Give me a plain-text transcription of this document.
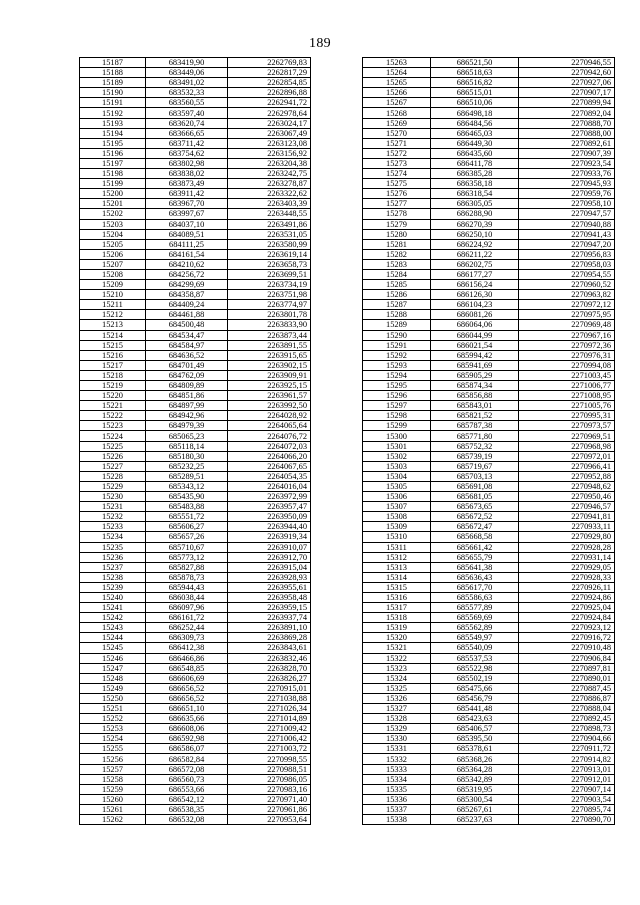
189
15187	683419,90	2262769,83
15188	683449,06	2262817,29
15189	683491,02	2262854,85
15190	683532,33	2262896,88
15191	683560,55	2262941,72
15192	683597,40	2262978,64
15193	683620,74	2263024,17
15194	683666,65	2263067,49
15195	683711,42	2263123,08
15196	683754,62	2263156,92
15197	683802,98	2263204,38
15198	683838,02	2263242,75
15199	683873,49	2263278,87
15200	683911,42	2263322,62
15201	683967,70	2263403,39
15202	683997,67	2263448,55
15203	684037,10	2263491,86
15204	684089,51	2263531,05
15205	684111,25	2263580,99
15206	684161,54	2263619,14
15207	684210,62	2263658,73
15208	684256,72	2263699,51
15209	684299,69	2263734,19
15210	684358,87	2263751,98
15211	684409,24	2263774,97
15212	684461,88	2263801,78
15213	684500,48	2263833,90
15214	684534,47	2263873,44
15215	684584,97	2263891,55
15216	684636,52	2263915,65
15217	684701,49	2263902,15
15218	684762,09	2263909,91
15219	684809,89	2263925,15
15220	684851,86	2263961,57
15221	684897,99	2263992,50
15222	684942,96	2264028,92
15223	684979,39	2264065,64
15224	685065,23	2264076,72
15225	685118,14	2264072,03
15226	685180,30	2264066,20
15227	685232,25	2264067,65
15228	685289,51	2264054,35
15229	685343,12	2264016,04
15230	685435,90	2263972,99
15231	685483,88	2263957,47
15232	685551,72	2263950,09
15233	685606,27	2263944,40
15234	685657,26	2263919,34
15235	685710,67	2263910,07
15236	685773,12	2263912,70
15237	685827,88	2263915,04
15238	685878,73	2263928,93
15239	685944,43	2263955,61
15240	686038,44	2263958,48
15241	686097,96	2263959,15
15242	686161,72	2263937,74
15243	686252,44	2263891,10
15244	686309,73	2263869,28
15245	686412,38	2263843,61
15246	686466,86	2263832,46
15247	686548,85	2263828,70
15248	686606,69	2263826,27
15249	686656,52	2270915,01
15250	686656,52	2271038,88
15251	686651,10	2271026,34
15252	686635,66	2271014,89
15253	686608,06	2271009,42
15254	686592,98	2271006,42
15255	686586,07	2271003,72
15256	686582,84	2270998,55
15257	686572,08	2270988,51
15258	686560,73	2270986,05
15259	686553,66	2270983,16
15260	686542,12	2270971,40
15261	686538,35	2270961,86
15262	686532,08	2270953,64
15263	686521,50	2270946,55
15264	686518,63	2270942,60
15265	686516,82	2270927,06
15266	686515,01	2270907,17
15267	686510,06	2270899,94
15268	686498,18	2270892,04
15269	686484,56	2270888,70
15270	686465,03	2270888,00
15271	686449,30	2270892,61
15272	686435,60	2270907,39
15273	686411,78	2270923,54
15274	686385,28	2270933,76
15275	686358,18	2270945,93
15276	686318,54	2270959,76
15277	686305,05	2270958,10
15278	686288,90	2270947,57
15279	686270,39	2270940,88
15280	686250,10	2270941,43
15281	686224,92	2270947,20
15282	686211,22	2270956,83
15283	686202,75	2270958,03
15284	686177,27	2270954,55
15285	686156,24	2270960,52
15286	686126,30	2270963,82
15287	686104,23	2270972,12
15288	686081,26	2270975,95
15289	686064,06	2270969,48
15290	686044,99	2270967,16
15291	686021,54	2270972,36
15292	685994,42	2270976,31
15293	685941,69	2270994,08
15294	685905,29	2271003,45
15295	685874,34	2271006,77
15296	685856,88	2271008,95
15297	685843,01	2271005,76
15298	685821,52	2270995,31
15299	685787,38	2270973,57
15300	685771,80	2270969,51
15301	685752,32	2270968,98
15302	685739,19	2270972,01
15303	685719,67	2270966,41
15304	685703,13	2270952,88
15305	685691,08	2270948,62
15306	685681,05	2270950,46
15307	685673,65	2270946,57
15308	685672,52	2270941,81
15309	685672,47	2270933,11
15310	685668,58	2270929,80
15311	685661,42	2270928,28
15312	685655,79	2270931,14
15313	685641,38	2270929,05
15314	685636,43	2270928,33
15315	685617,70	2270926,11
15316	685586,63	2270924,86
15317	685577,89	2270925,04
15318	685569,69	2270924,84
15319	685562,89	2270923,12
15320	685549,97	2270916,72
15321	685540,09	2270910,48
15322	685537,53	2270906,84
15323	685522,98	2270897,81
15324	685502,19	2270890,01
15325	685475,66	2270887,45
15326	685456,79	2270886,87
15327	685441,48	2270888,04
15328	685423,63	2270892,45
15329	685406,57	2270898,73
15330	685395,50	2270904,66
15331	685378,61	2270911,72
15332	685368,26	2270914,82
15333	685364,28	2270913,01
15334	685342,89	2270912,01
15335	685319,95	2270907,14
15336	685300,54	2270903,54
15337	685267,61	2270895,74
15338	685237,63	2270890,70
